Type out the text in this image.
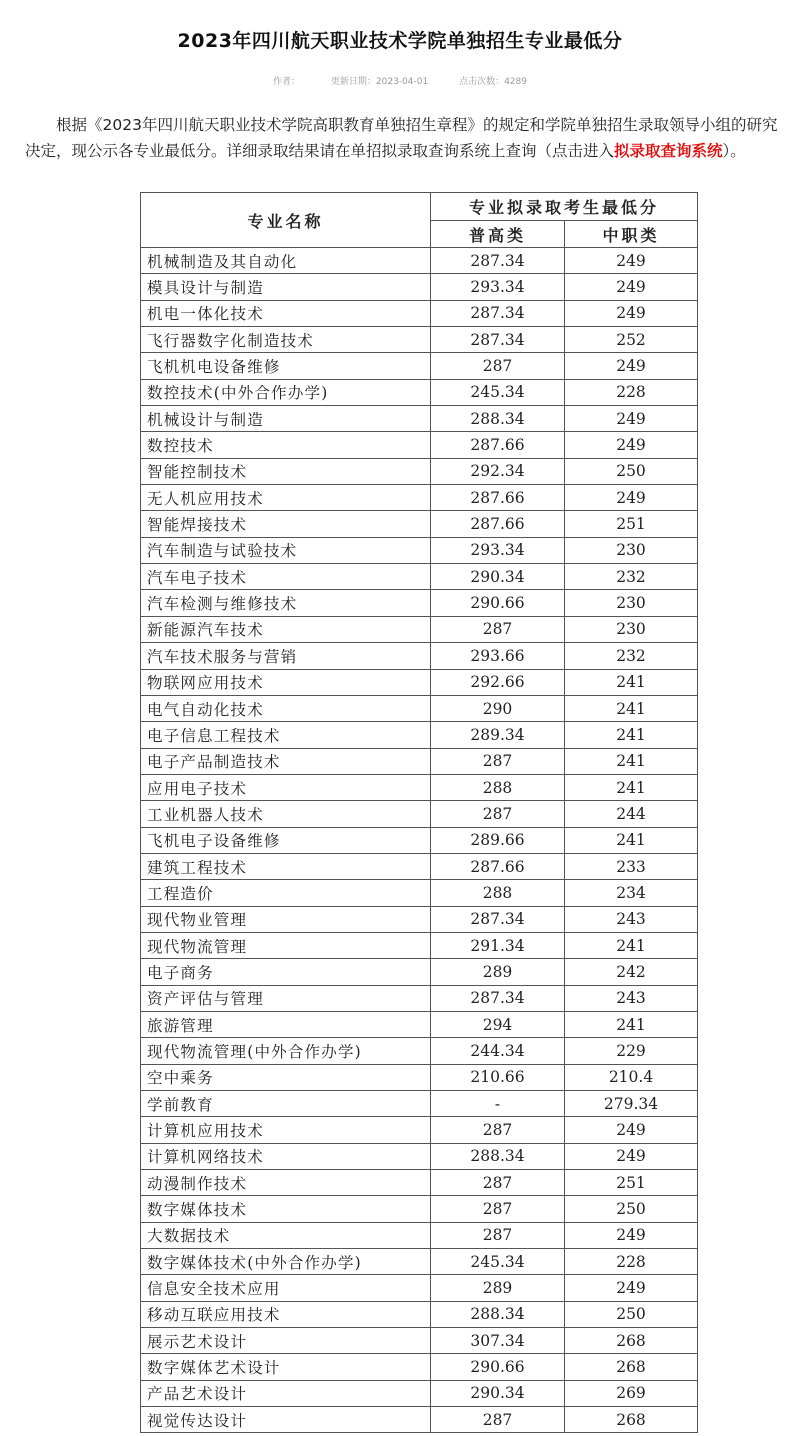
2023年四川航天职业技术学院单独招生专业最低分
作者：	更新日期：2023-04-01	点击次数：4289
根据《2023年四川航天职业技术学院高职教育单独招生章程》的规定和学院单独招生录取领导小组的研究决定，现公示各专业最低分。详细录取结果请在单招拟录取查询系统上查询（点击进入拟录取查询系统）。
专业名称	专业拟录取考生最低分	
	普高类	中职类
机械制造及其自动化	287.34	249
模具设计与制造	293.34	249
机电一体化技术	287.34	249
飞行器数字化制造技术	287.34	252
飞机机电设备维修	287	249
数控技术(中外合作办学)	245.34	228
机械设计与制造	288.34	249
数控技术	287.66	249
智能控制技术	292.34	250
无人机应用技术	287.66	249
智能焊接技术	287.66	251
汽车制造与试验技术	293.34	230
汽车电子技术	290.34	232
汽车检测与维修技术	290.66	230
新能源汽车技术	287	230
汽车技术服务与营销	293.66	232
物联网应用技术	292.66	241
电气自动化技术	290	241
电子信息工程技术	289.34	241
电子产品制造技术	287	241
应用电子技术	288	241
工业机器人技术	287	244
飞机电子设备维修	289.66	241
建筑工程技术	287.66	233
工程造价	288	234
现代物业管理	287.34	243
现代物流管理	291.34	241
电子商务	289	242
资产评估与管理	287.34	243
旅游管理	294	241
现代物流管理(中外合作办学)	244.34	229
空中乘务	210.66	210.4
学前教育	-	279.34
计算机应用技术	287	249
计算机网络技术	288.34	249
动漫制作技术	287	251
数字媒体技术	287	250
大数据技术	287	249
数字媒体技术(中外合作办学)	245.34	228
信息安全技术应用	289	249
移动互联应用技术	288.34	250
展示艺术设计	307.34	268
数字媒体艺术设计	290.66	268
产品艺术设计	290.34	269
视觉传达设计	287	268
